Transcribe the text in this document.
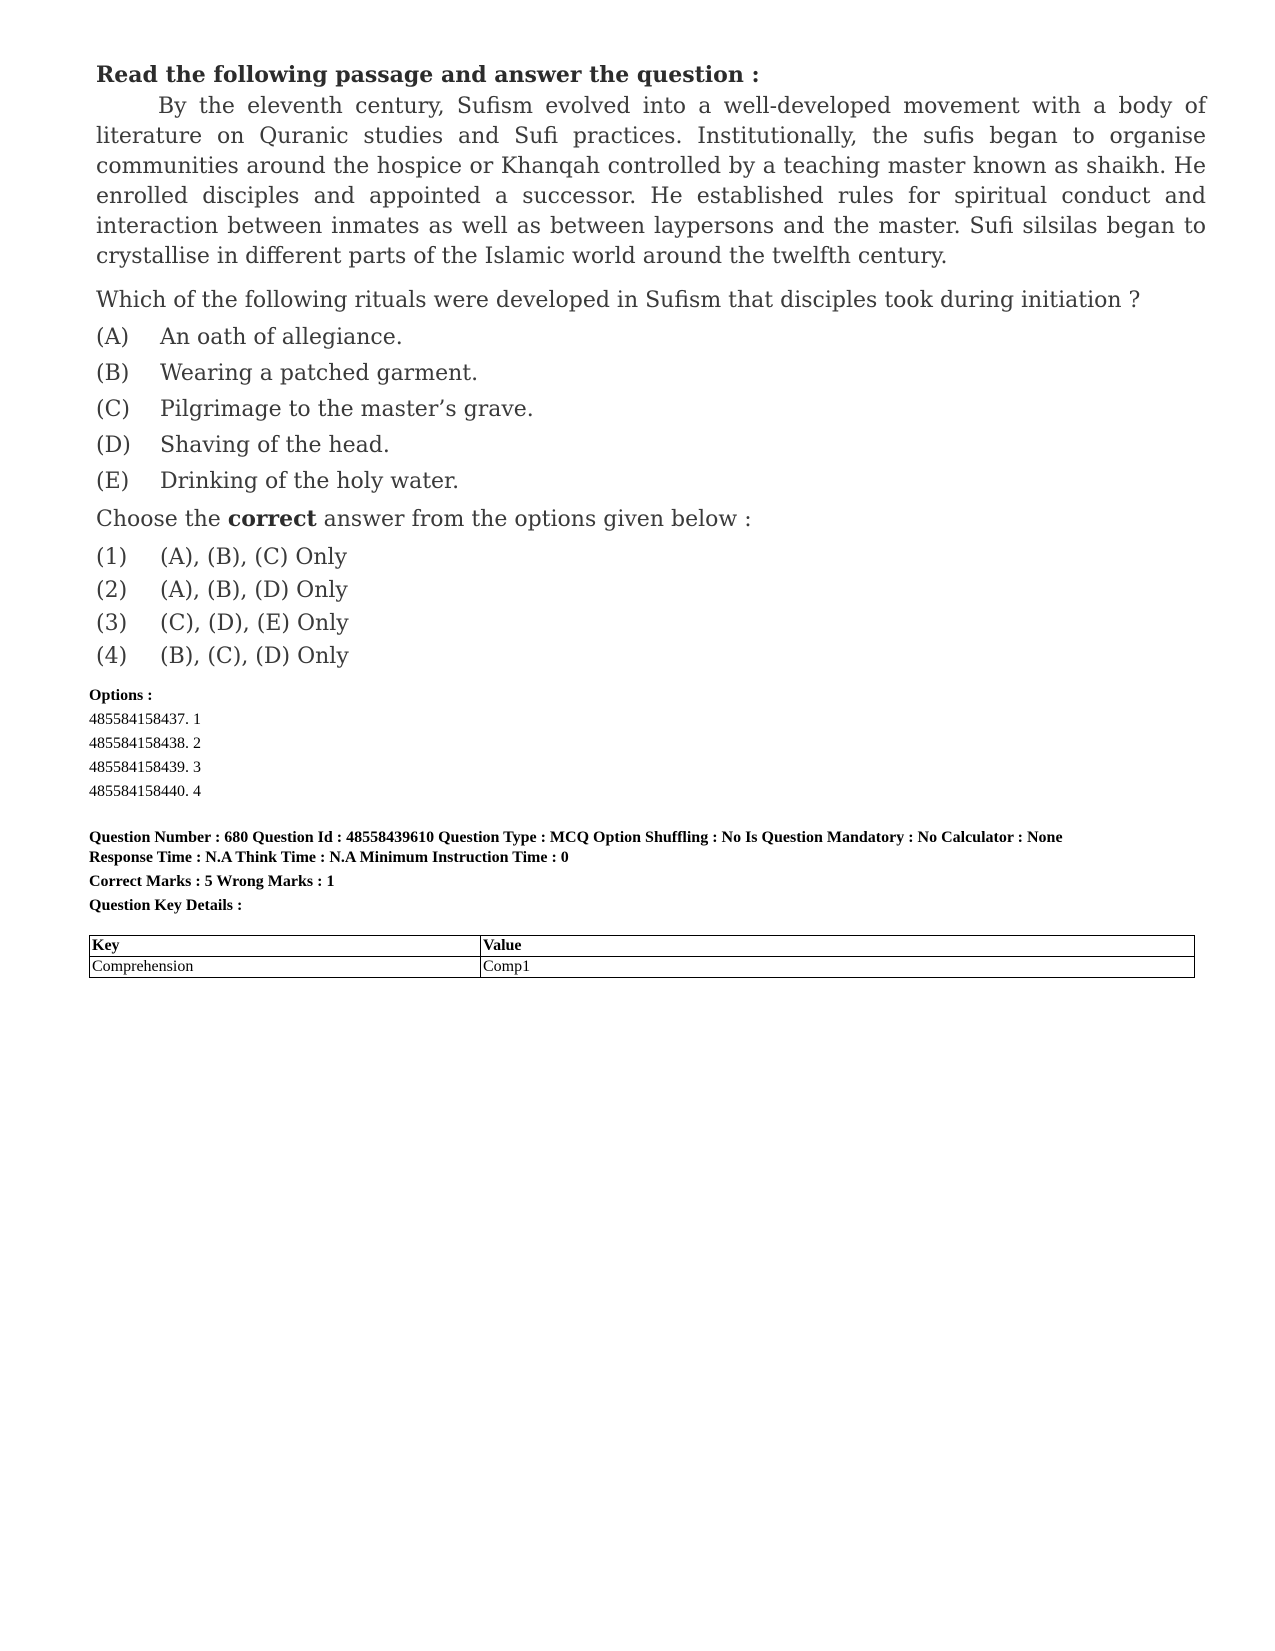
Read the following passage and answer the question :
By the eleventh century, Sufism evolved into a well-developed movement with a body of literature on Quranic studies and Sufi practices. Institutionally, the sufis began to organise communities around the hospice or Khanqah controlled by a teaching master known as shaikh. He enrolled disciples and appointed a successor. He established rules for spiritual conduct and interaction between inmates as well as between laypersons and the master. Sufi silsilas began to crystallise in different parts of the Islamic world around the twelfth century.
Which of the following rituals were developed in Sufism that disciples took during initiation ?
(A) An oath of allegiance.
(B) Wearing a patched garment.
(C) Pilgrimage to the master’s grave.
(D) Shaving of the head.
(E) Drinking of the holy water.
Choose the correct answer from the options given below :
(1) (A), (B), (C) Only
(2) (A), (B), (D) Only
(3) (C), (D), (E) Only
(4) (B), (C), (D) Only
Options :
485584158437. 1
485584158438. 2
485584158439. 3
485584158440. 4
Question Number : 680 Question Id : 48558439610 Question Type : MCQ Option Shuffling : No Is Question Mandatory : No Calculator : None
Response Time : N.A Think Time : N.A Minimum Instruction Time : 0
Correct Marks : 5 Wrong Marks : 1
Question Key Details :
Key	Value
Comprehension	Comp1
